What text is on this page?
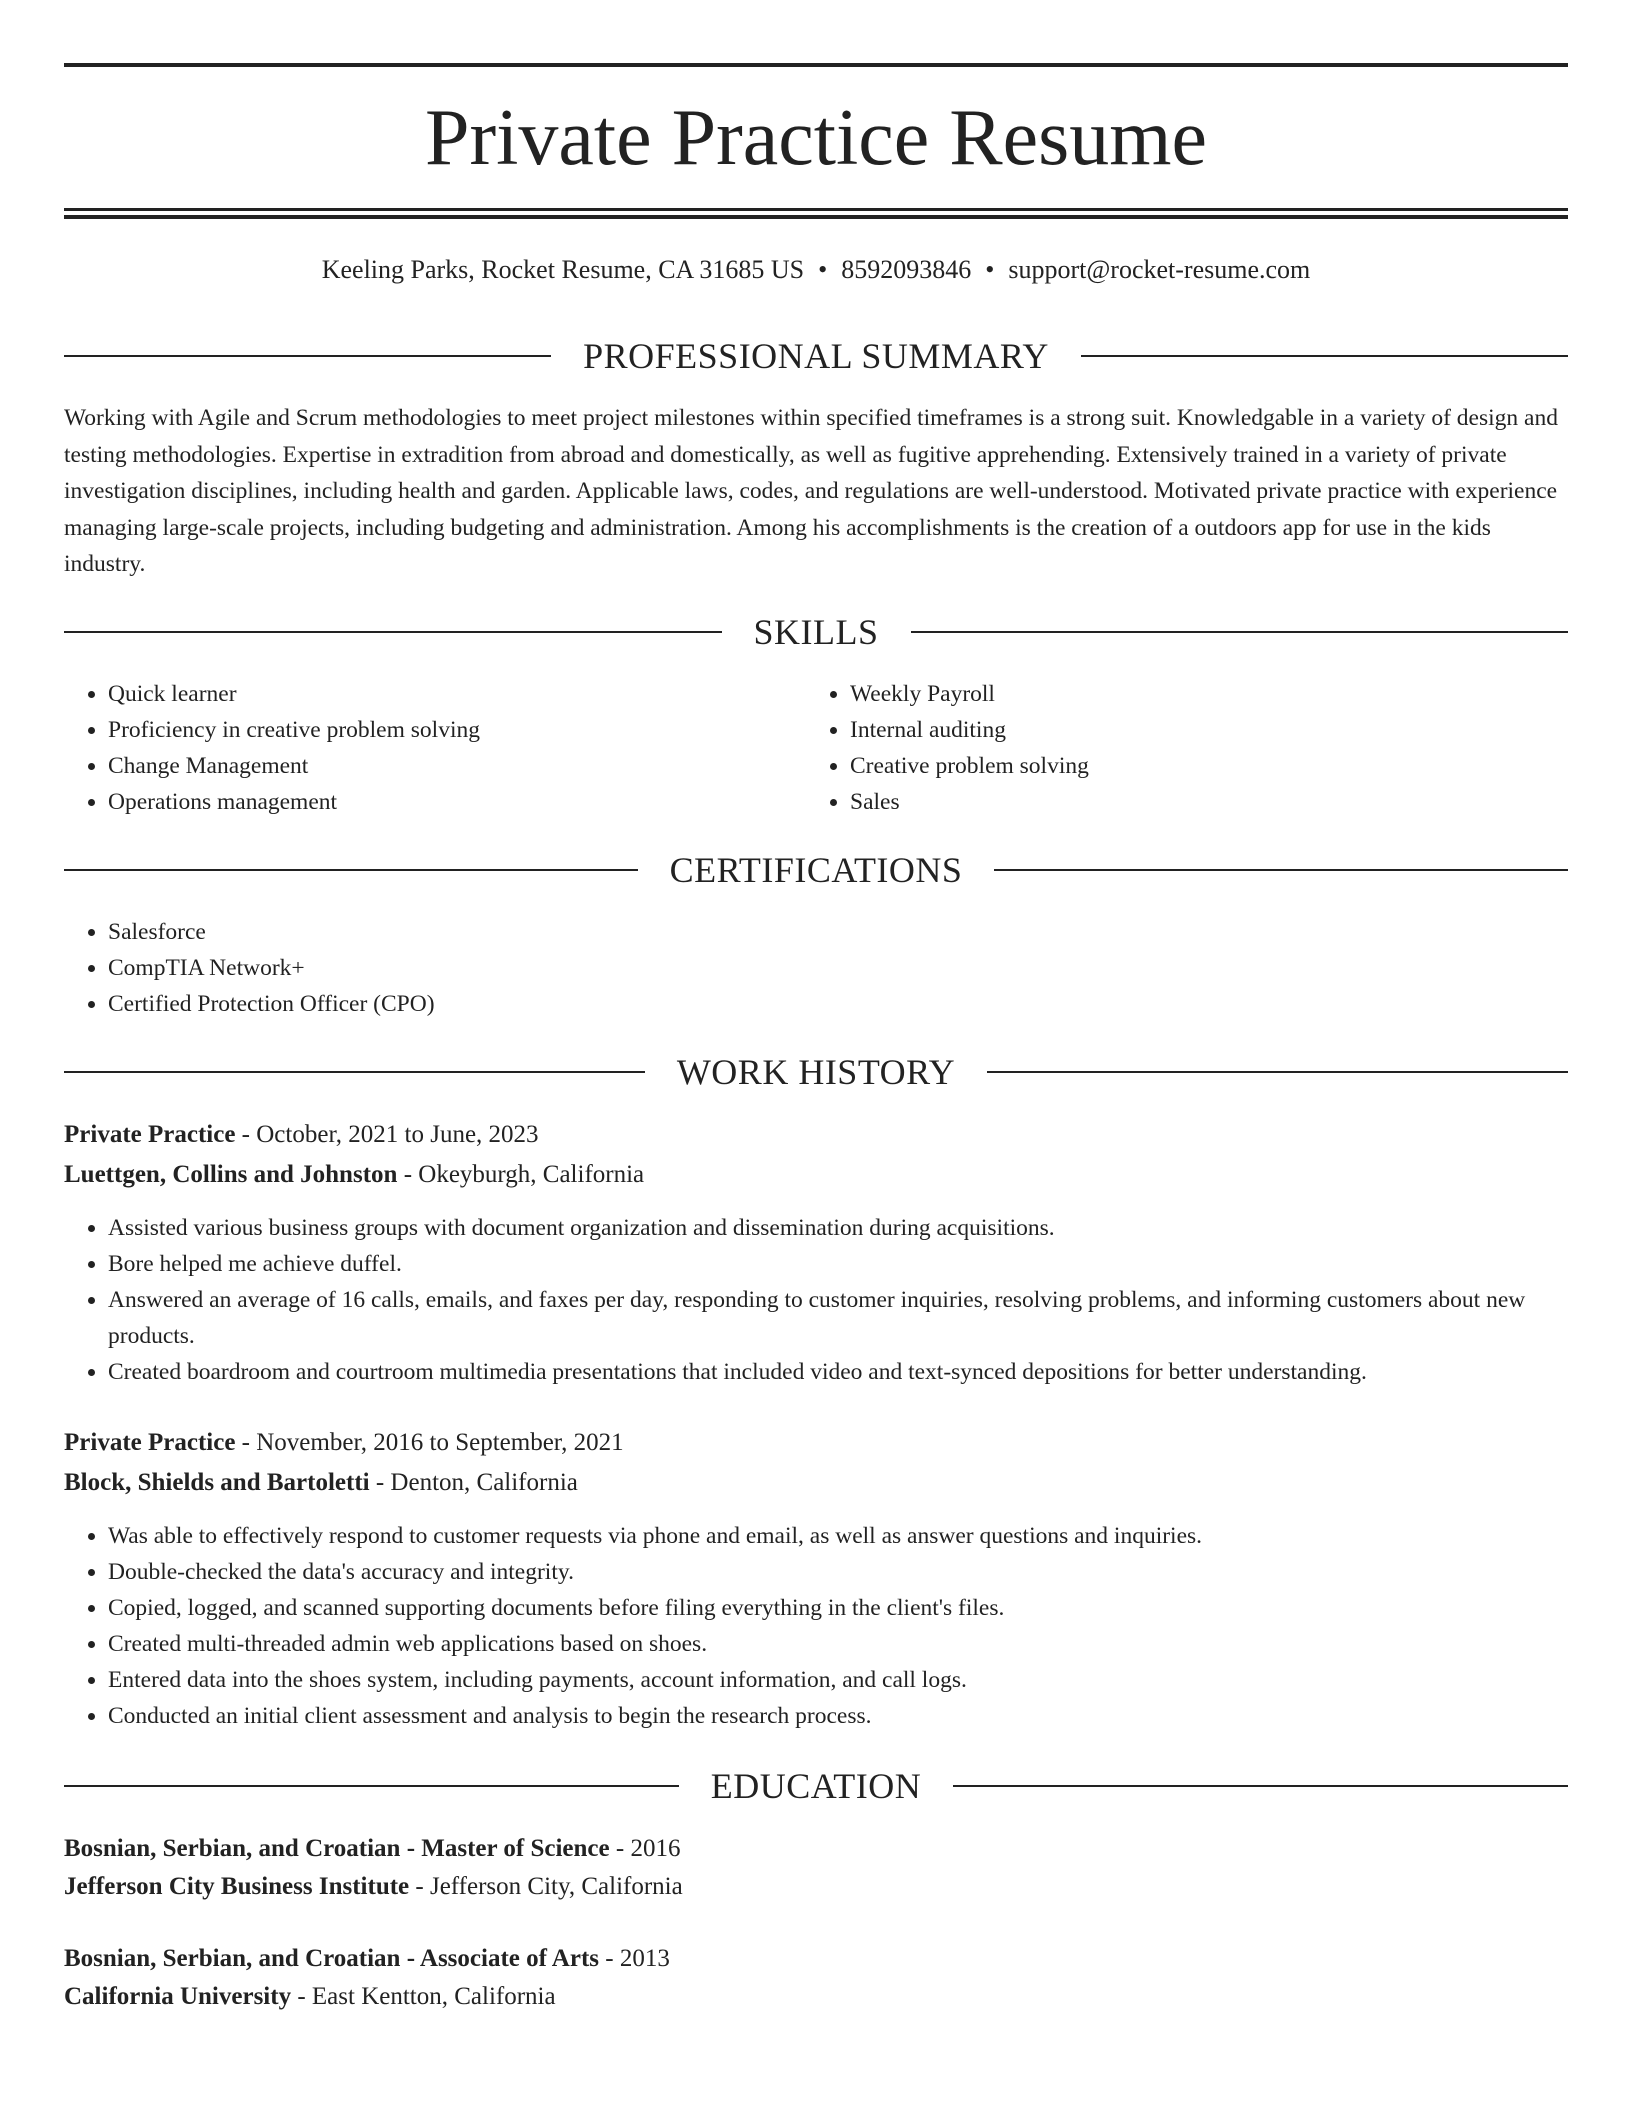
Private Practice Resume
Keeling Parks, Rocket Resume, CA 31685 US • 8592093846 • support@rocket-resume.com
PROFESSIONAL SUMMARY

Working with Agile and Scrum methodologies to meet project milestones within specified timeframes is a strong suit. Knowledgable in a variety of design and testing methodologies. Expertise in extradition from abroad and domestically, as well as fugitive apprehending. Extensively trained in a variety of private investigation disciplines, including health and garden. Applicable laws, codes, and regulations are well-understood. Motivated private practice with experience managing large-scale projects, including budgeting and administration. Among his accomplishments is the creation of a outdoors app for use in the kids industry.

SKILLS
• Quick learner
• Proficiency in creative problem solving
• Change Management
• Operations management
• Weekly Payroll
• Internal auditing
• Creative problem solving
• Sales
CERTIFICATIONS
• Salesforce
• CompTIA Network+
• Certified Protection Officer (CPO)
WORK HISTORY
Private Practice - October, 2021 to June, 2023
Luettgen, Collins and Johnston - Okeyburgh, California
• Assisted various business groups with document organization and dissemination during acquisitions.
• Bore helped me achieve duffel.
• Answered an average of 16 calls, emails, and faxes per day, responding to customer inquiries, resolving problems, and informing customers about new products.
• Created boardroom and courtroom multimedia presentations that included video and text-synced depositions for better understanding.
Private Practice - November, 2016 to September, 2021
Block, Shields and Bartoletti - Denton, California
• Was able to effectively respond to customer requests via phone and email, as well as answer questions and inquiries.
• Double-checked the data's accuracy and integrity.
• Copied, logged, and scanned supporting documents before filing everything in the client's files.
• Created multi-threaded admin web applications based on shoes.
• Entered data into the shoes system, including payments, account information, and call logs.
• Conducted an initial client assessment and analysis to begin the research process.
EDUCATION
Bosnian, Serbian, and Croatian - Master of Science - 2016
Jefferson City Business Institute - Jefferson City, California
Bosnian, Serbian, and Croatian - Associate of Arts - 2013
California University - East Kentton, California
